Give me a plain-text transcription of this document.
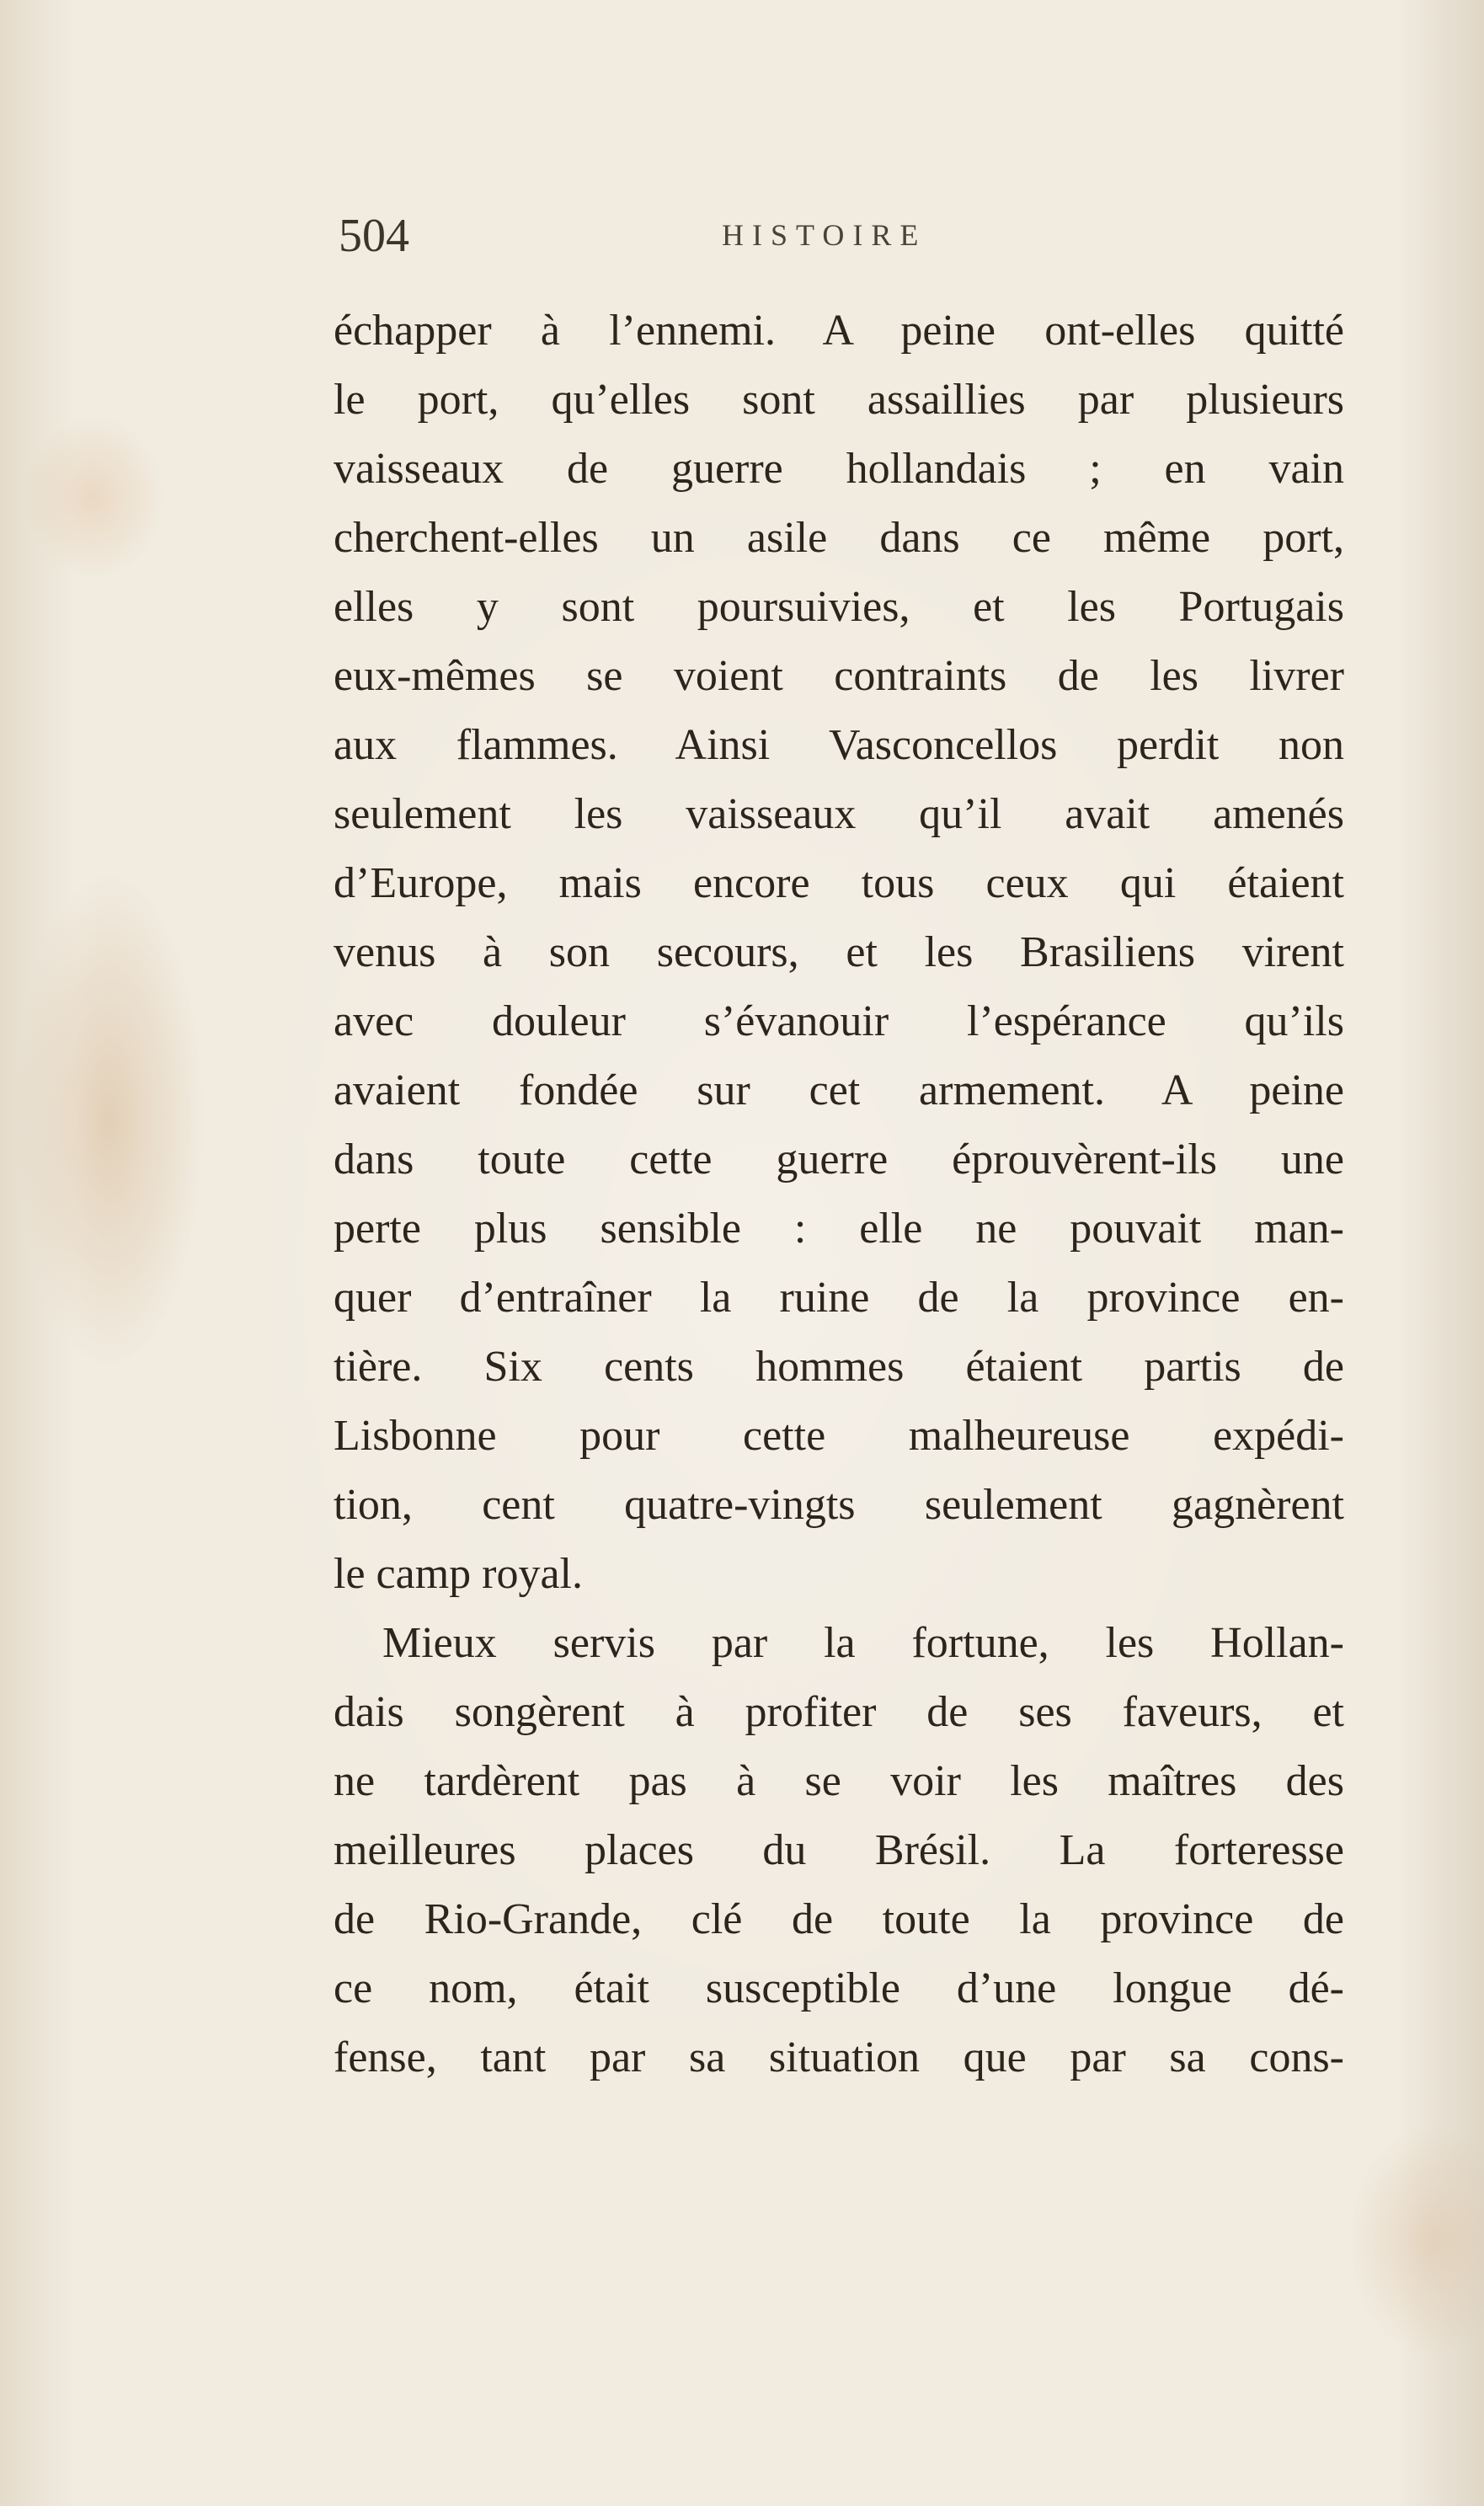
504	HISTOIRE
échapper à l’ennemi. A peine ont-elles quitté
le port, qu’elles sont assaillies par plusieurs
vaisseaux de guerre hollandais ; en vain
cherchent-elles un asile dans ce même port,
elles y sont poursuivies, et les Portugais
eux-mêmes se voient contraints de les livrer
aux flammes. Ainsi Vasconcellos perdit non
seulement les vaisseaux qu’il avait amenés
d’Europe, mais encore tous ceux qui étaient
venus à son secours, et les Brasiliens virent
avec douleur s’évanouir l’espérance qu’ils
avaient fondée sur cet armement. A peine
dans toute cette guerre éprouvèrent-ils une
perte plus sensible : elle ne pouvait man-
quer d’entraîner la ruine de la province en-
tière. Six cents hommes étaient partis de
Lisbonne pour cette malheureuse expédi-
tion, cent quatre-vingts seulement gagnèrent
le camp royal.
Mieux servis par la fortune, les Hollan-
dais songèrent à profiter de ses faveurs, et
ne tardèrent pas à se voir les maîtres des
meilleures places du Brésil. La forteresse
de Rio-Grande, clé de toute la province de
ce nom, était susceptible d’une longue dé-
fense, tant par sa situation que par sa cons-
